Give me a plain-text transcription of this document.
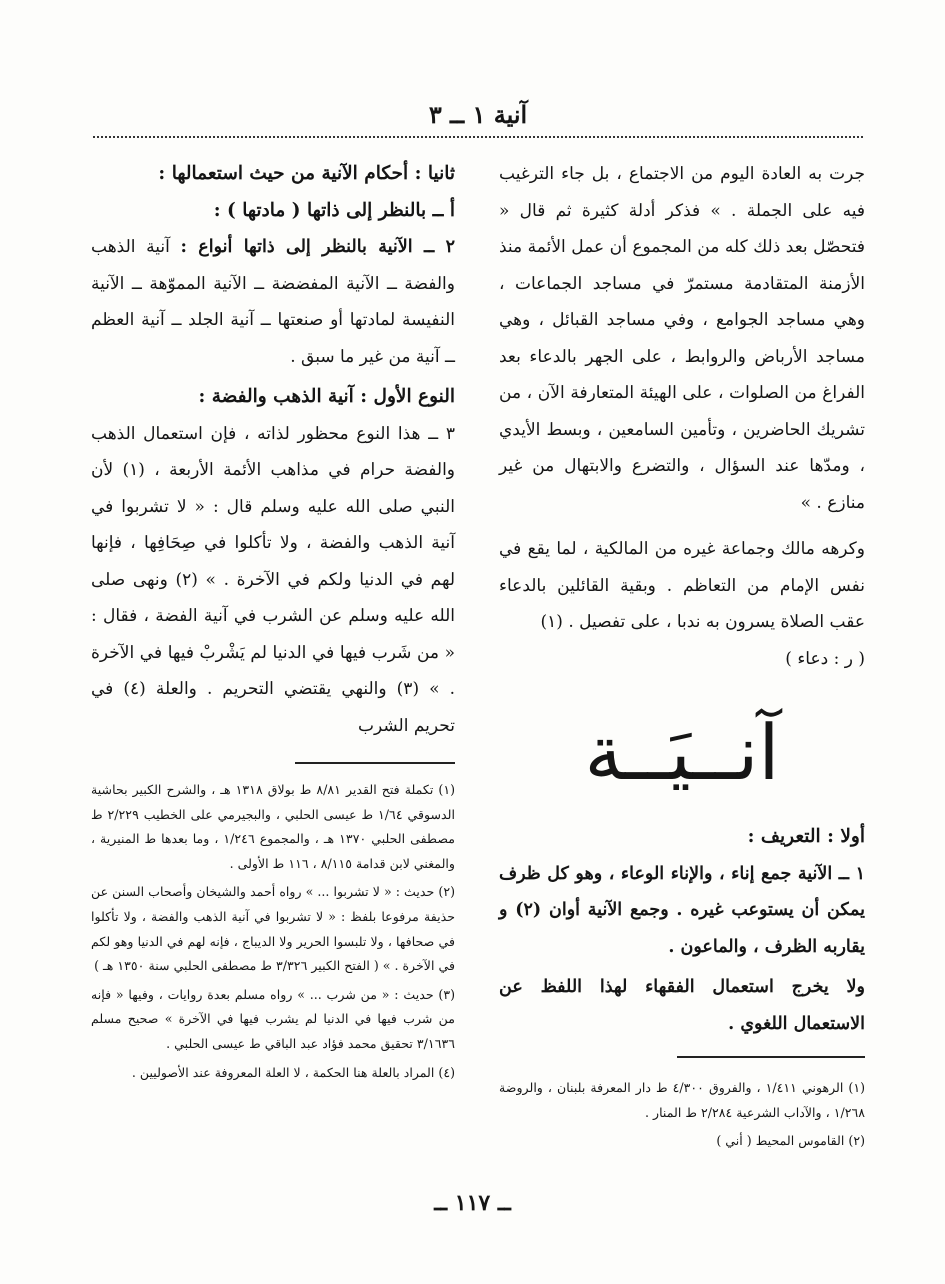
آنية ١ ــ ٣

جرت به العادة اليوم من الاجتماع ، بل جاء الترغيب فيه على الجملة . » فذكر أدلة كثيرة ثم قال « فتحصّل بعد ذلك كله من المجموع أن عمل الأئمة منذ الأزمنة المتقادمة مستمرّ في مساجد الجماعات ، وهي مساجد الجوامع ، وفي مساجد القبائل ، وهي مساجد الأرباض والروابط ، على الجهر بالدعاء بعد الفراغ من الصلوات ، على الهيئة المتعارفة الآن ، من تشريك الحاضرين ، وتأمين السامعين ، وبسط الأيدي ، ومدّها عند السؤال ، والتضرع والابتهال من غير منازع . »

وكرهه مالك وجماعة غيره من المالكية ، لما يقع في نفس الإمام من التعاظم . وبقية القائلين بالدعاء عقب الصلاة يسرون به ندبا ، على تفصيل . (١)

( ر : دعاء )

آنــيَــة

أولا : التعريف :

١ ــ الآنية جمع إناء ، والإناء الوعاء ، وهو كل ظرف يمكن أن يستوعب غيره . وجمع الآنية أوان (٢) و يقاربه الظرف ، والماعون .

ولا يخرج استعمال الفقهاء لهذا اللفظ عن الاستعمال اللغوي .

(١) الرهوني ١/٤١١ ، والفروق ٤/٣٠٠ ط دار المعرفة بلبنان ، والروضة ١/٢٦٨ ، والآداب الشرعية ٢/٢٨٤ ط المنار .

(٢) القاموس المحيط ( أني )

ثانيا : أحكام الآنية من حيث استعمالها :

أ ــ بالنظر إلى ذاتها ( مادتها ) :

٢ ــ الآنية بالنظر إلى ذاتها أنواع : آنية الذهب والفضة ــ الآنية المفضضة ــ الآنية المموّهة ــ الآنية النفيسة لمادتها أو صنعتها ــ آنية الجلد ــ آنية العظم ــ آنية من غير ما سبق .

النوع الأول : آنية الذهب والفضة :

٣ ــ هذا النوع محظور لذاته ، فإن استعمال الذهب والفضة حرام في مذاهب الأئمة الأربعة ، (١) لأن النبي صلى الله عليه وسلم قال : « لا تشربوا في آنية الذهب والفضة ، ولا تأكلوا في صِحَافِها ، فإنها لهم في الدنيا ولكم في الآخرة . » (٢) ونهى صلى الله عليه وسلم عن الشرب في آنية الفضة ، فقال : « من شَرب فيها في الدنيا لم يَشْربْ فيها في الآخرة . » (٣) والنهي يقتضي التحريم . والعلة (٤) في تحريم الشرب

(١) تكملة فتح القدير ٨/٨١ ط بولاق ١٣١٨ هـ ، والشرح الكبير بحاشية الدسوقي ١/٦٤ ط عيسى الحلبي ، والبجيرمي على الخطيب ٢/٢٢٩ ط مصطفى الحلبي ١٣٧٠ هـ ، والمجموع ١/٢٤٦ ، وما بعدها ط المنيرية ، والمغني لابن قدامة ٨/١١٥ ، ١١٦ ط الأولى .

(٢) حديث : « لا تشربوا ... » رواه أحمد والشيخان وأصحاب السنن عن حذيفة مرفوعا بلفظ : « لا تشربوا في آنية الذهب والفضة ، ولا تأكلوا في صحافها ، ولا تلبسوا الحرير ولا الديباج ، فإنه لهم في الدنيا وهو لكم في الآخرة . » ( الفتح الكبير ٣/٣٢٦ ط مصطفى الحلبي سنة ١٣٥٠ هـ )

(٣) حديث : « من شرب ... » رواه مسلم بعدة روايات ، وفيها « فإنه من شرب فيها في الدنيا لم يشرب فيها في الآخرة » صحيح مسلم ٣/١٦٣٦ تحقيق محمد فؤاد عبد الباقي ط عيسى الحلبي .

(٤) المراد بالعلة هنا الحكمة ، لا العلة المعروفة عند الأصوليين .

ــ ١١٧ ــ
